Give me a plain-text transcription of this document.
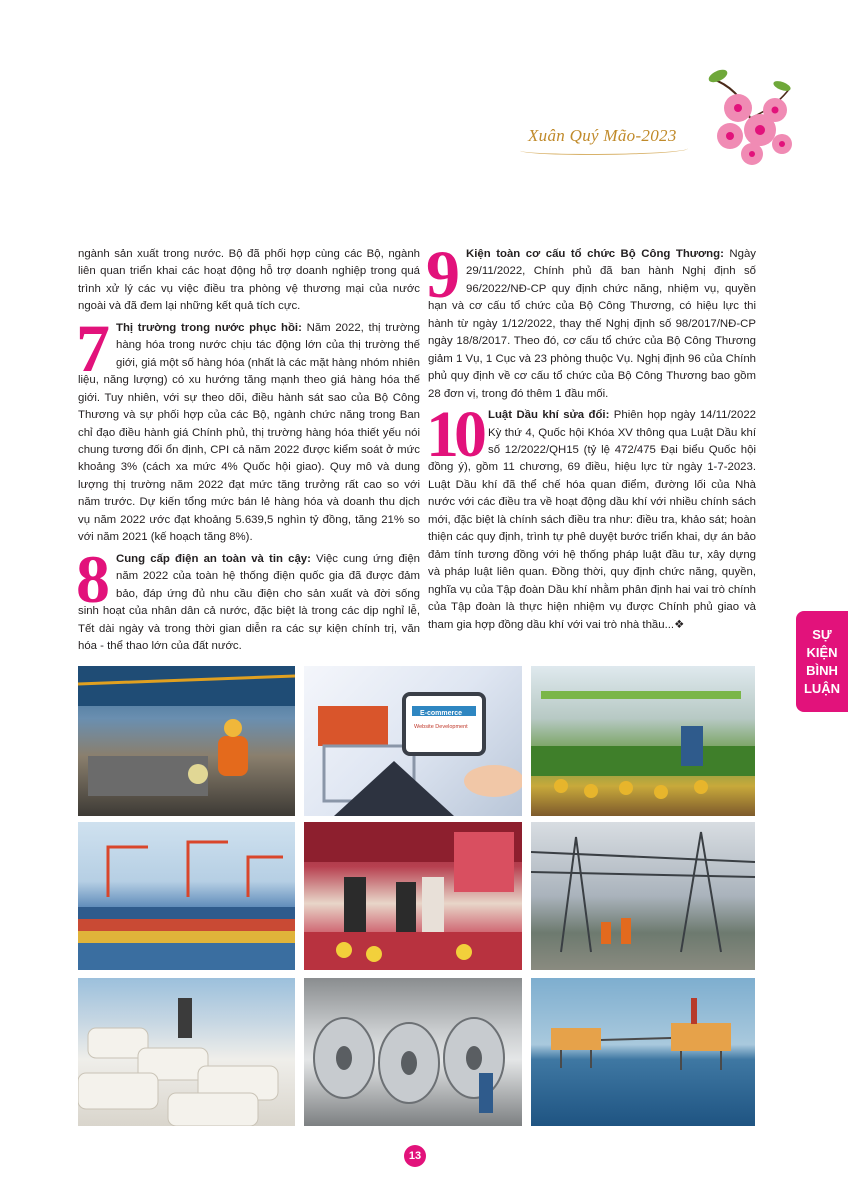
Xuân Quý Mão-2023

ngành sản xuất trong nước. Bộ đã phối hợp cùng các Bộ, ngành liên quan triển khai các hoạt động hỗ trợ doanh nghiệp trong quá trình xử lý các vụ việc điều tra phòng vệ thương mại của nước ngoài và đã đem lại những kết quả tích cực.

7 Thị trường trong nước phục hồi: Năm 2022, thị trường hàng hóa trong nước chịu tác động lớn của thị trường thế giới, giá một số hàng hóa (nhất là các mặt hàng nhóm nhiên liệu, năng lượng) có xu hướng tăng mạnh theo giá hàng hóa thế giới. Tuy nhiên, với sự theo dõi, điều hành sát sao của Bộ Công Thương và sự phối hợp của các Bộ, ngành chức năng trong Ban chỉ đạo điều hành giá Chính phủ, thị trường hàng hóa thiết yếu nói chung tương đối ổn định, CPI cả năm 2022 được kiểm soát ở mức khoảng 3% (cách xa mức 4% Quốc hội giao). Quy mô và dung lượng thị trường năm 2022 đạt mức tăng trưởng rất cao so với năm trước. Dự kiến tổng mức bán lẻ hàng hóa và doanh thu dịch vụ năm 2022 ước đạt khoảng 5.639,5 nghìn tỷ đồng, tăng 21% so với năm 2021 (kế hoạch tăng 8%).

8 Cung cấp điện an toàn và tin cậy: Việc cung ứng điện năm 2022 của toàn hệ thống điện quốc gia đã được đảm bảo, đáp ứng đủ nhu cầu điện cho sản xuất và đời sống sinh hoạt của nhân dân cả nước, đặc biệt là trong các dịp nghỉ lễ, Tết dài ngày và trong thời gian diễn ra các sự kiện chính trị, văn hóa - thể thao lớn của đất nước.

9 Kiện toàn cơ cấu tổ chức Bộ Công Thương: Ngày 29/11/2022, Chính phủ đã ban hành Nghị định số 96/2022/NĐ-CP quy định chức năng, nhiệm vụ, quyền hạn và cơ cấu tổ chức của Bộ Công Thương, có hiệu lực thi hành từ ngày 1/12/2022, thay thế Nghị định số 98/2017/NĐ-CP ngày 18/8/2017. Theo đó, cơ cấu tổ chức của Bộ Công Thương giảm 1 Vụ, 1 Cục và 23 phòng thuộc Vụ. Nghị định 96 của Chính phủ quy định về cơ cấu tổ chức của Bộ Công Thương bao gồm 28 đơn vị, trong đó thêm 1 đầu mối.

10 Luật Dầu khí sửa đổi: Phiên họp ngày 14/11/2022 Kỳ thứ 4, Quốc hội Khóa XV thông qua Luật Dầu khí số 12/2022/QH15 (tỷ lệ 472/475 Đại biểu Quốc hội đồng ý), gồm 11 chương, 69 điều, hiệu lực từ ngày 1-7-2023. Luật Dầu khí đã thể chế hóa quan điểm, đường lối của Nhà nước với các điều tra về hoạt động dầu khí với nhiều chính sách mới, đặc biệt là chính sách điều tra như: điều tra, khảo sát; hoàn thiện các quy định, trình tự phê duyệt bước triển khai, dự án bảo đảm tính tương đồng với hệ thống pháp luật đầu tư, xây dựng và pháp luật liên quan. Đồng thời, quy định chức năng, quyền, nghĩa vụ của Tập đoàn Dầu khí nhằm phân định hai vai trò chính của Tập đoàn là thực hiện nhiệm vụ được Chính phủ giao và tham gia hợp đồng dầu khí với vai trò nhà thầu...❖

SỰ
KIỆN
BÌNH
LUẬN
E-commerce
Website Development
13
